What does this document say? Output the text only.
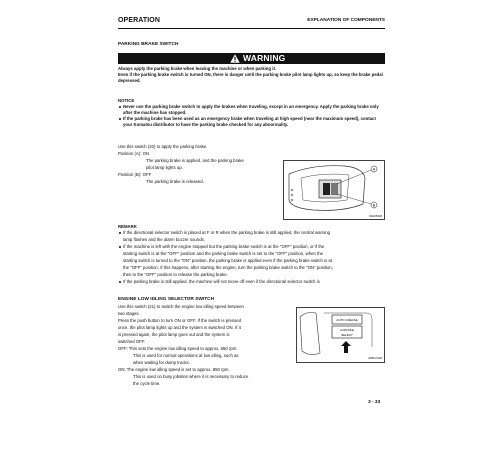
OPERATION	EXPLANATION OF COMPONENTS
PARKING BRAKE SWITCH
WARNING
Always apply the parking brake when leaving the machine or when parking it.
Even if the parking brake switch is turned ON, there is danger until the parking brake pilot lamp lights up, so keep the brake pedal
depressed.
NOTICE
Never use the parking brake switch to apply the brakes when traveling, except in an emergency. Apply the parking brake only
after the machine has stopped.
If the parking brake has been used as an emergency brake when traveling at high speed (near the maximum speed), contact
your Komatsu distributor to have the parking brake checked for any abnormality.
Use this switch (20) to apply the parking brake.
Position (A): ON
The parking brake is applied, and the parking brake
pilot lamp lights up.
Position (B): OFF
The parking brake is released.
A
B
9JH05433
REMARK
If the directional selector switch is placed at F or R when the parking brake is still applied, the central warning
lamp flashes and the alarm buzzer sounds.
If the machine is left with the engine stopped but the parking brake switch is at the "OFF" position, or if the
starting switch is at the "OFF" position and the parking brake switch is set to the "OFF" position, when the
starting switch is turned to the "ON" position, the parking brake is applied even if the parking brake switch is at
the "OFF" position. If this happens, after starting the engine, turn the parking brake switch to the "ON" position,
then to the "OFF" position to release the parking brake.
If the parking brake is still applied, the machine will not move off even if the directional selector switch is
ENGINE LOW IDLING SELECTOR SWITCH
Use this switch (21) to switch the engine low idling speed between
two stages.
Press the push button to turn ON or OFF. If the switch is pressed
once, the pilot lamp lights up and the system is switched ON. If it
is pressed again, the pilot lamp goes out and the system is
switched OFF.
OFF: This sets the engine low idling speed to approx. 650 rpm.
This is used for normal operations at low idling, such as
when waiting for dump trucks.
ON: The engine low idling speed is set to approx. 850 rpm.
This is used on busy jobsites where it is necessary to reduce
the cycle time.
AUTO GREASE
LOW IDLE
SELECT
AW617420
3 - 33
